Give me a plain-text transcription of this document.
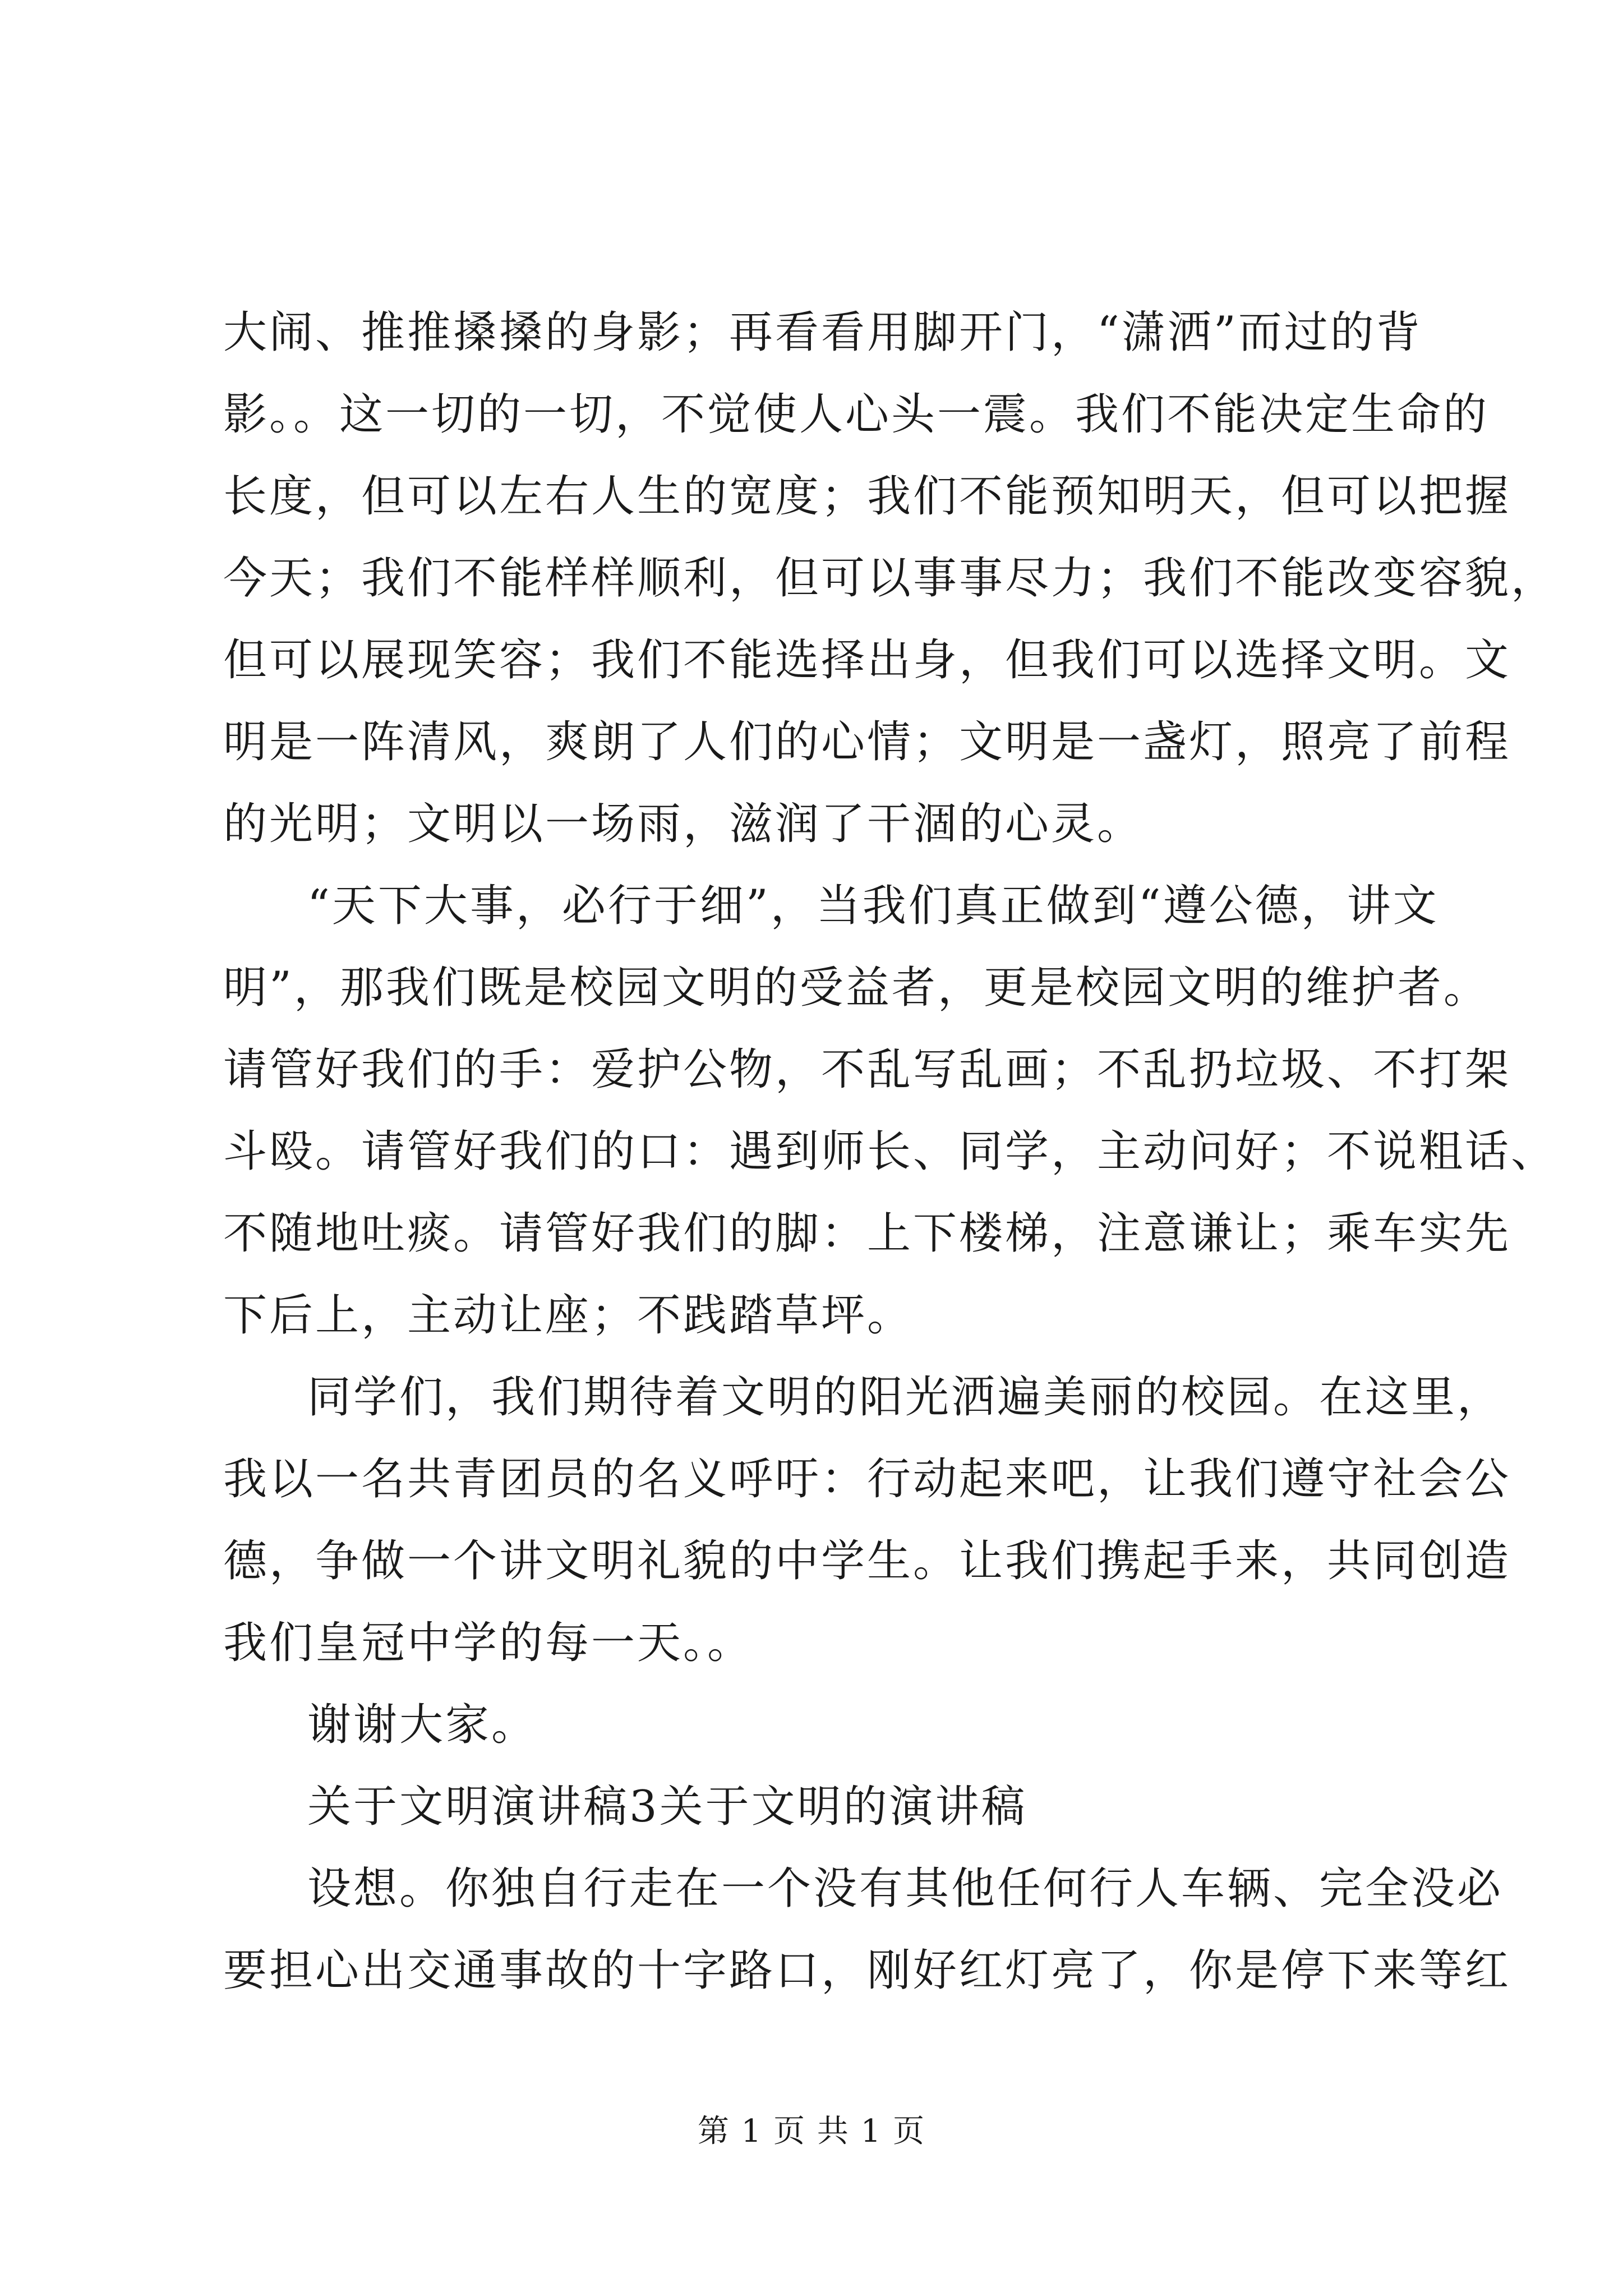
大闹、推推搡搡的身影；再看看用脚开门，“潇洒”而过的背
影。。这一切的一切，不觉使人心头一震。我们不能决定生命的
长度，但可以左右人生的宽度；我们不能预知明天，但可以把握
今天；我们不能样样顺利，但可以事事尽力；我们不能改变容貌，
但可以展现笑容；我们不能选择出身，但我们可以选择文明。文
明是一阵清风，爽朗了人们的心情；文明是一盏灯，照亮了前程
的光明；文明以一场雨，滋润了干涸的心灵。
“天下大事，必行于细”，当我们真正做到“遵公德，讲文
明”，那我们既是校园文明的受益者，更是校园文明的维护者。
请管好我们的手：爱护公物，不乱写乱画；不乱扔垃圾、不打架
斗殴。请管好我们的口：遇到师长、同学，主动问好；不说粗话、
不随地吐痰。请管好我们的脚：上下楼梯，注意谦让；乘车实先
下后上，主动让座；不践踏草坪。
同学们，我们期待着文明的阳光洒遍美丽的校园。在这里，
我以一名共青团员的名义呼吁：行动起来吧，让我们遵守社会公
德，争做一个讲文明礼貌的中学生。让我们携起手来，共同创造
我们皇冠中学的每一天。。
谢谢大家。
关于文明演讲稿3关于文明的演讲稿
设想。你独自行走在一个没有其他任何行人车辆、完全没必
要担心出交通事故的十字路口，刚好红灯亮了，你是停下来等红
第 1 页 共 1 页
